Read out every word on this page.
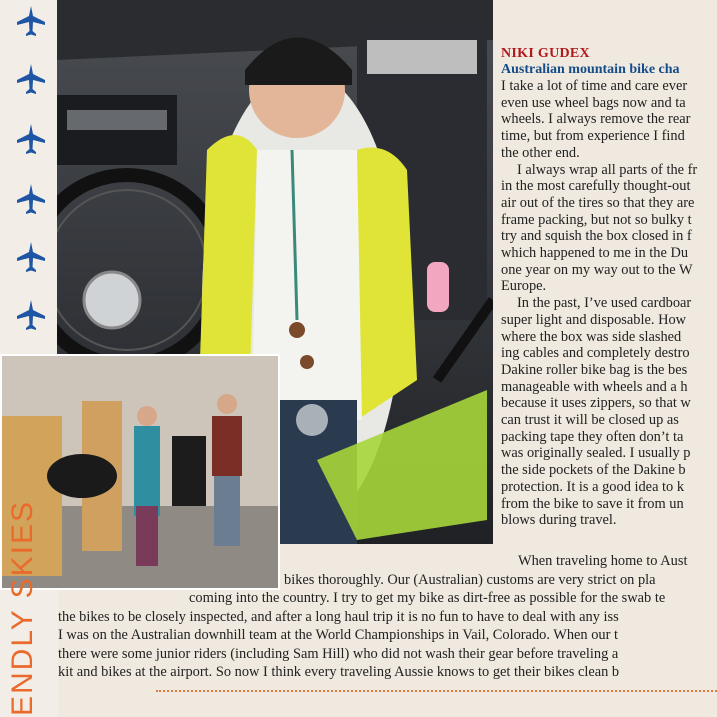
ENDLY SKIES
NIKI GUDEX
Australian mountain bike cha
I take a lot of time and care ever
even use wheel bags now and ta
wheels. I always remove the rear
time, but from experience I find
the other end.
I always wrap all parts of the fr
in the most carefully thought-out
air out of the tires so that they are
frame packing, but not so bulky t
try and squish the box closed in f
which happened to me in the Du
one year on my way out to the W
Europe.
In the past, I’ve used cardboar
super light and disposable. How
where the box was side slashed
ing cables and completely destro
Dakine roller bike bag is the bes
manageable with wheels and a h
because it uses zippers, so that w
can trust it will be closed up as
packing tape they often don’t ta
was originally sealed. I usually p
the side pockets of the Dakine b
protection. It is a good idea to k
from the bike to save it from un
blows during travel.
When traveling home to Aust
bikes thoroughly. Our (Australian) customs are very strict on pla
coming into the country. I try to get my bike as dirt-free as possible for the swab te
the bikes to be closely inspected, and after a long haul trip it is no fun to have to deal with any iss
I was on the Australian downhill team at the World Championships in Vail, Colorado. When our t
there were some junior riders (including Sam Hill) who did not wash their gear before traveling a
kit and bikes at the airport. So now I think every traveling Aussie knows to get their bikes clean b
